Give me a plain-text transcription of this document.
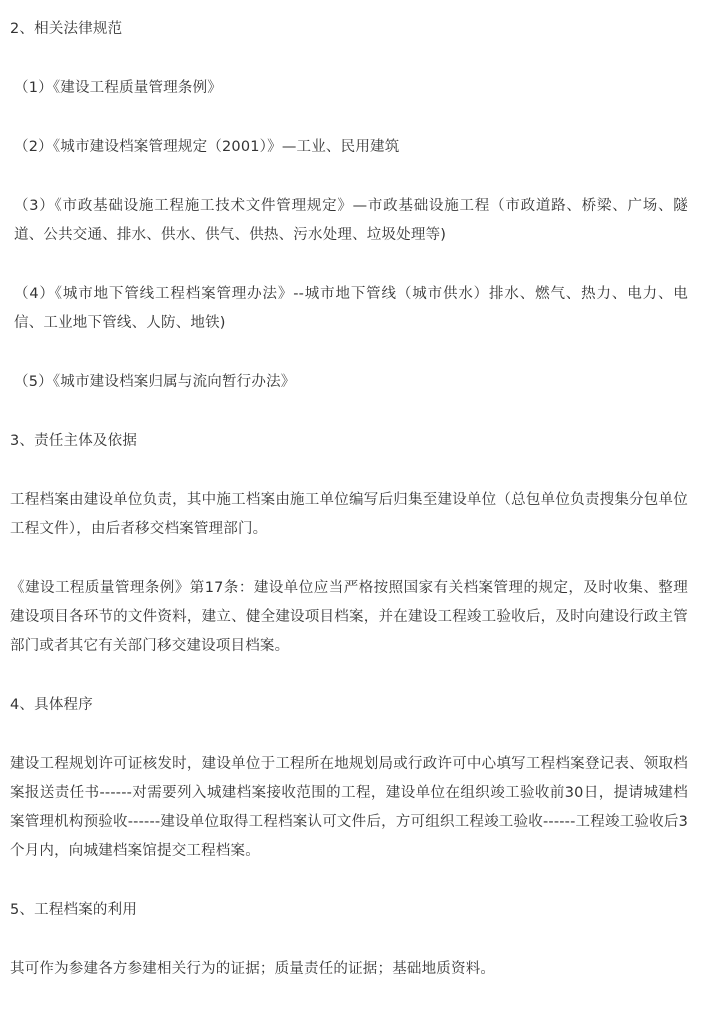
2、相关法律规范

（1）《建设工程质量管理条例》

（2）《城市建设档案管理规定（2001）》—工业、民用建筑

（3）《市政基础设施工程施工技术文件管理规定》—市政基础设施工程（市政道路、桥梁、广场、隧道、公共交通、排水、供水、供气、供热、污水处理、垃圾处理等)

（4）《城市地下管线工程档案管理办法》--城市地下管线（城市供水）排水、燃气、热力、电力、电信、工业地下管线、人防、地铁)

（5）《城市建设档案归属与流向暂行办法》

3、责任主体及依据

工程档案由建设单位负责，其中施工档案由施工单位编写后归集至建设单位（总包单位负责搜集分包单位工程文件），由后者移交档案管理部门。

《建设工程质量管理条例》第17条：建设单位应当严格按照国家有关档案管理的规定，及时收集、整理建设项目各环节的文件资料，建立、健全建设项目档案，并在建设工程竣工验收后，及时向建设行政主管部门或者其它有关部门移交建设项目档案。

4、具体程序

建设工程规划许可证核发时，建设单位于工程所在地规划局或行政许可中心填写工程档案登记表、领取档案报送责任书------对需要列入城建档案接收范围的工程，建设单位在组织竣工验收前30日，提请城建档案管理机构预验收------建设单位取得工程档案认可文件后，方可组织工程竣工验收------工程竣工验收后3个月内，向城建档案馆提交工程档案。

5、工程档案的利用

其可作为参建各方参建相关行为的证据；质量责任的证据；基础地质资料。
